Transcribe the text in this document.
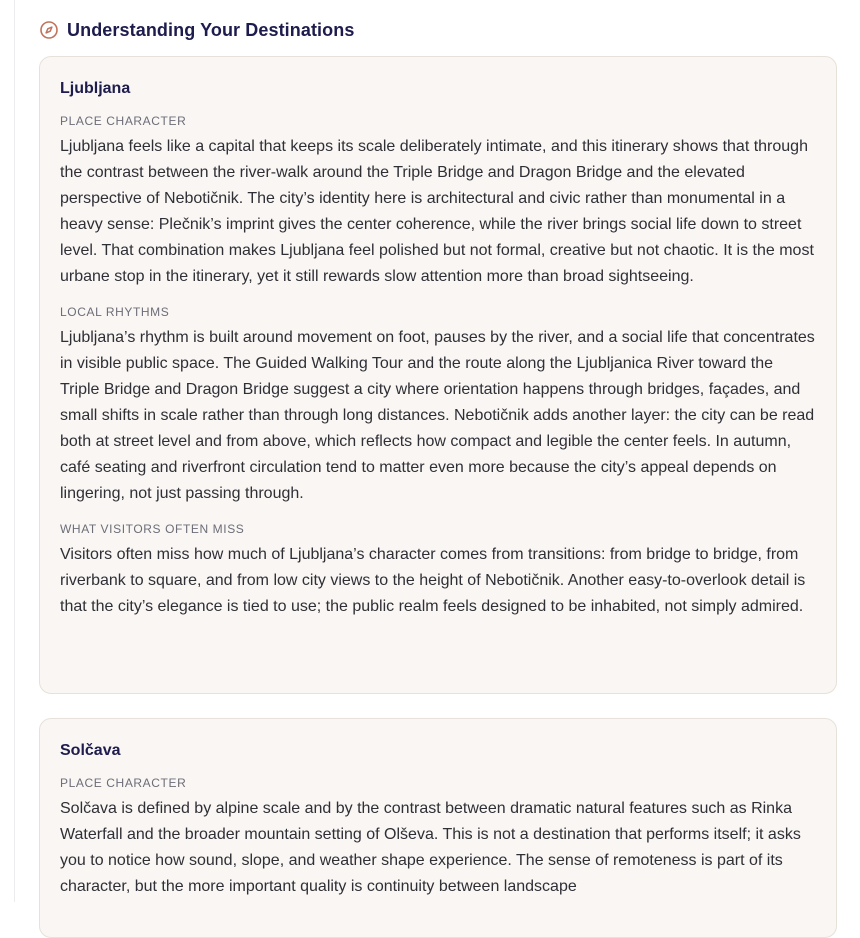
Understanding Your Destinations
Ljubljana
PLACE CHARACTER

Ljubljana feels like a capital that keeps its scale deliberately intimate, and this itinerary shows that through the contrast between the river-walk around the Triple Bridge and Dragon Bridge and the elevated perspective of Nebotičnik. The city’s identity here is architectural and civic rather than monumental in a heavy sense: Plečnik’s imprint gives the center coherence, while the river brings social life down to street level. That combination makes Ljubljana feel polished but not formal, creative but not chaotic. It is the most urbane stop in the itinerary, yet it still rewards slow attention more than broad sightseeing.

LOCAL RHYTHMS

Ljubljana’s rhythm is built around movement on foot, pauses by the river, and a social life that concentrates in visible public space. The Guided Walking Tour and the route along the Ljubljanica River toward the Triple Bridge and Dragon Bridge suggest a city where orientation happens through bridges, façades, and small shifts in scale rather than through long distances. Nebotičnik adds another layer: the city can be read both at street level and from above, which reflects how compact and legible the center feels. In autumn, café seating and riverfront circulation tend to matter even more because the city’s appeal depends on lingering, not just passing through.

WHAT VISITORS OFTEN MISS

Visitors often miss how much of Ljubljana’s character comes from transitions: from bridge to bridge, from riverbank to square, and from low city views to the height of Nebotičnik. Another easy-to-overlook detail is that the city’s elegance is tied to use; the public realm feels designed to be inhabited, not simply admired.

Solčava
PLACE CHARACTER

Solčava is defined by alpine scale and by the contrast between dramatic natural features such as Rinka Waterfall and the broader mountain setting of Olševa. This is not a destination that performs itself; it asks you to notice how sound, slope, and weather shape experience. The sense of remoteness is part of its character, but the more important quality is continuity between landscape
